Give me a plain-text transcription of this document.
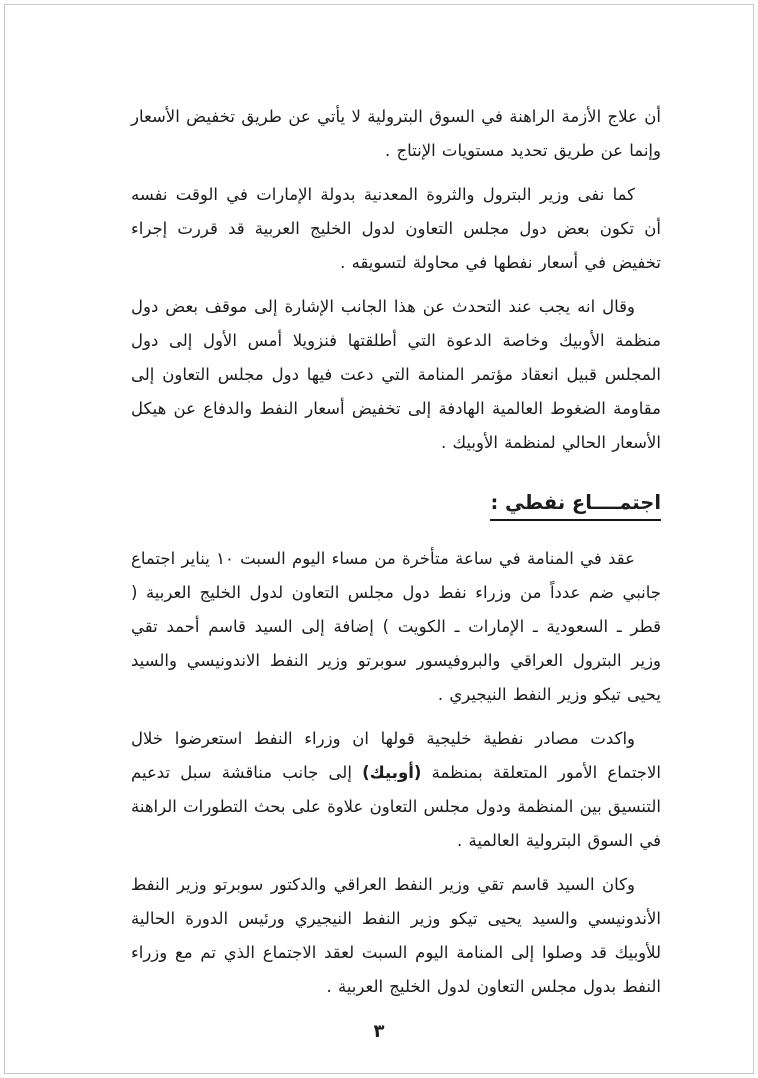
أن علاج الأزمة الراهنة في السوق البترولية لا يأتي عن طريق تخفيض الأسعار وإنما عن طريق تحديد مستويات الإنتاج .

كما نفى وزير البترول والثروة المعدنية بدولة الإمارات في الوقت نفسه أن تكون بعض دول مجلس التعاون لدول الخليج العربية قد قررت إجراء تخفيض في أسعار نفطها في محاولة لتسويقه .

وقال انه يجب عند التحدث عن هذا الجانب الإشارة إلى موقف بعض دول منظمة الأوبيك وخاصة الدعوة التي أطلقتها فنزويلا أمس الأول إلى دول المجلس قبيل انعقاد مؤتمر المنامة التي دعت فيها دول مجلس التعاون إلى مقاومة الضغوط العالمية الهادفة إلى تخفيض أسعار النفط والدفاع عن هيكل الأسعار الحالي لمنظمة الأوبيك .

اجتمــــاع نفطي :

عقد في المنامة في ساعة متأخرة من مساء اليوم السبت ١٠ يناير اجتماع جانبي ضم عدداً من وزراء نفط دول مجلس التعاون لدول الخليج العربية ( قطر ـ السعودية ـ الإمارات ـ الكويت ) إضافة إلى السيد قاسم أحمد تقي وزير البترول العراقي والبروفيسور سوبرتو وزير النفط الاندونيسي والسيد يحيى تيكو وزير النفط النيجيري .

واكدت مصادر نفطية خليجية قولها ان وزراء النفط استعرضوا خلال الاجتماع الأمور المتعلقة بمنظمة (أوبيك) إلى جانب مناقشة سبل تدعيم التنسيق بين المنظمة ودول مجلس التعاون علاوة على بحث التطورات الراهنة في السوق البترولية العالمية .

وكان السيد قاسم تقي وزير النفط العراقي والدكتور سوبرتو وزير النفط الأندونيسي والسيد يحيى تيكو وزير النفط النيجيري ورئيس الدورة الحالية للأوبيك قد وصلوا إلى المنامة اليوم السبت لعقد الاجتماع الذي تم مع وزراء النفط بدول مجلس التعاون لدول الخليج العربية .

٣
